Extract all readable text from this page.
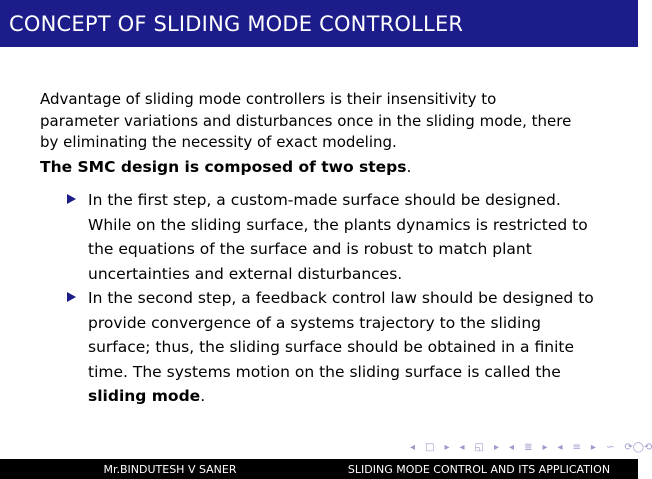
CONCEPT OF SLIDING MODE CONTROLLER
Advantage of sliding mode controllers is their insensitivity to parameter variations and disturbances once in the sliding mode, there by eliminating the necessity of exact modeling.
The SMC design is composed of two steps.
In the first step, a custom-made surface should be designed. While on the sliding surface, the plants dynamics is restricted to the equations of the surface and is robust to match plant uncertainties and external disturbances.
In the second step, a feedback control law should be designed to provide convergence of a systems trajectory to the sliding surface; thus, the sliding surface should be obtained in a finite time. The systems motion on the sliding surface is called the sliding mode.
◂ □ ▸ ◂ ◱ ▸ ◂ ≣ ▸ ◂ ≡ ▸ ∽ ⟳◯⟲
Mr.BINDUTESH V SANER	SLIDING MODE CONTROL AND ITS APPLICATION
